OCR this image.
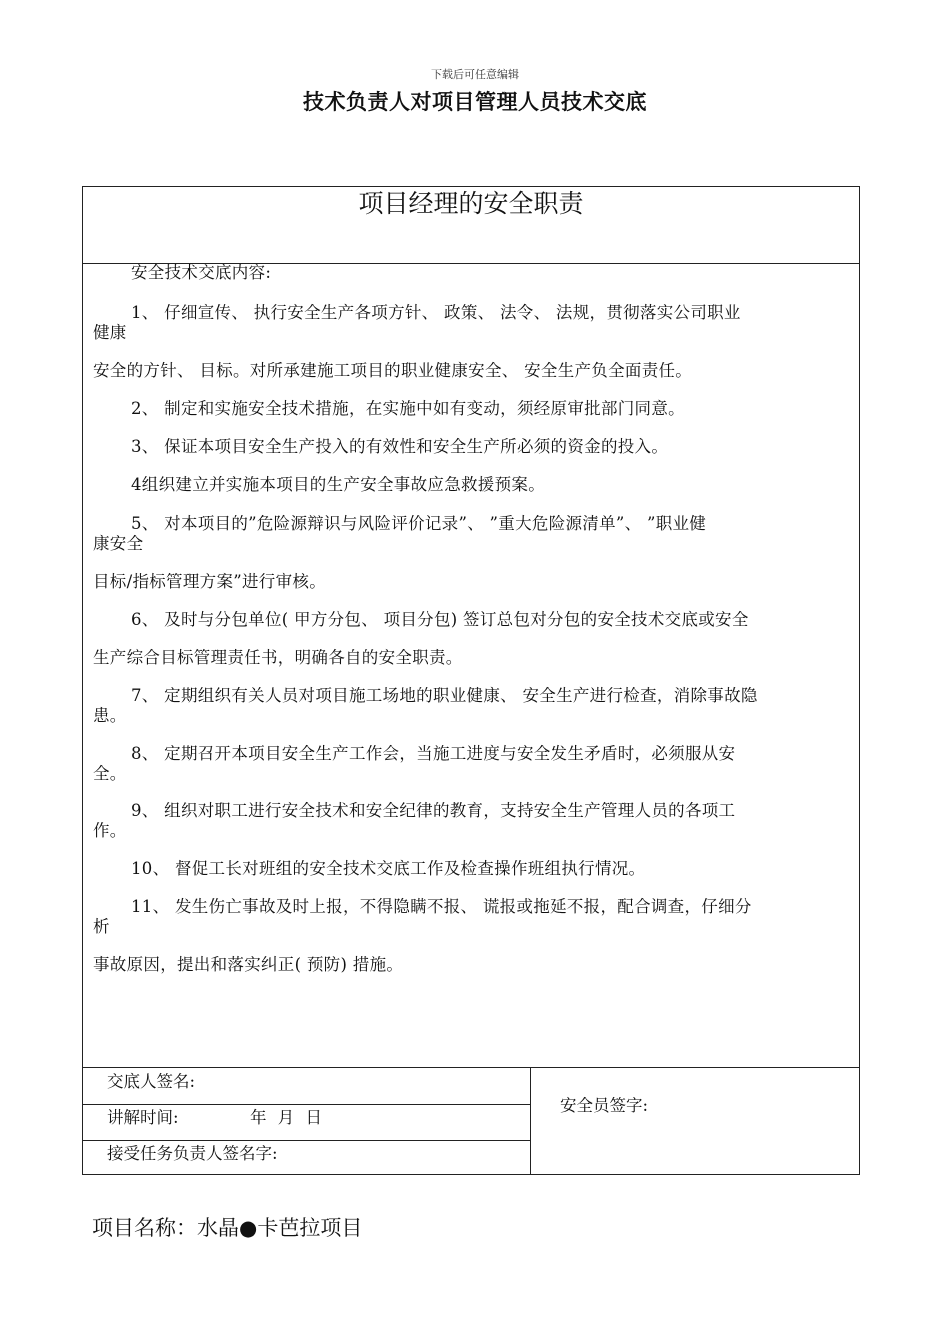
下载后可任意编辑
技术负责人对项目管理人员技术交底
项目经理的安全职责
安全技术交底内容:
1、 仔细宣传、 执行安全生产各项方针、 政策、 法令、 法规，贯彻落实公司职业
健康
安全的方针、 目标。对所承建施工项目的职业健康安全、 安全生产负全面责任。
2、 制定和实施安全技术措施，在实施中如有变动，须经原审批部门同意。
3、 保证本项目安全生产投入的有效性和安全生产所必须的资金的投入。
4组织建立并实施本项目的生产安全事故应急救援预案。
5、 对本项目的”危险源辩识与风险评价记录”、 ”重大危险源清单”、 ”职业健
康安全
目标/指标管理方案”进行审核。
6、 及时与分包单位( 甲方分包、 项目分包) 签订总包对分包的安全技术交底或安全
生产综合目标管理责任书，明确各自的安全职责。
7、 定期组织有关人员对项目施工场地的职业健康、 安全生产进行检查，消除事故隐
患。
8、 定期召开本项目安全生产工作会，当施工进度与安全发生矛盾时，必须服从安
全。
9、 组织对职工进行安全技术和安全纪律的教育，支持安全生产管理人员的各项工
作。
10、 督促工长对班组的安全技术交底工作及检查操作班组执行情况。
11、 发生伤亡事故及时上报，不得隐瞒不报、 谎报或拖延不报，配合调查，仔细分
析
事故原因，提出和落实纠正( 预防) 措施。
交底人签名:
讲解时间:	年 月 日
接受任务负责人签名字:
安全员签字:
项目名称：水晶●卡芭拉项目
